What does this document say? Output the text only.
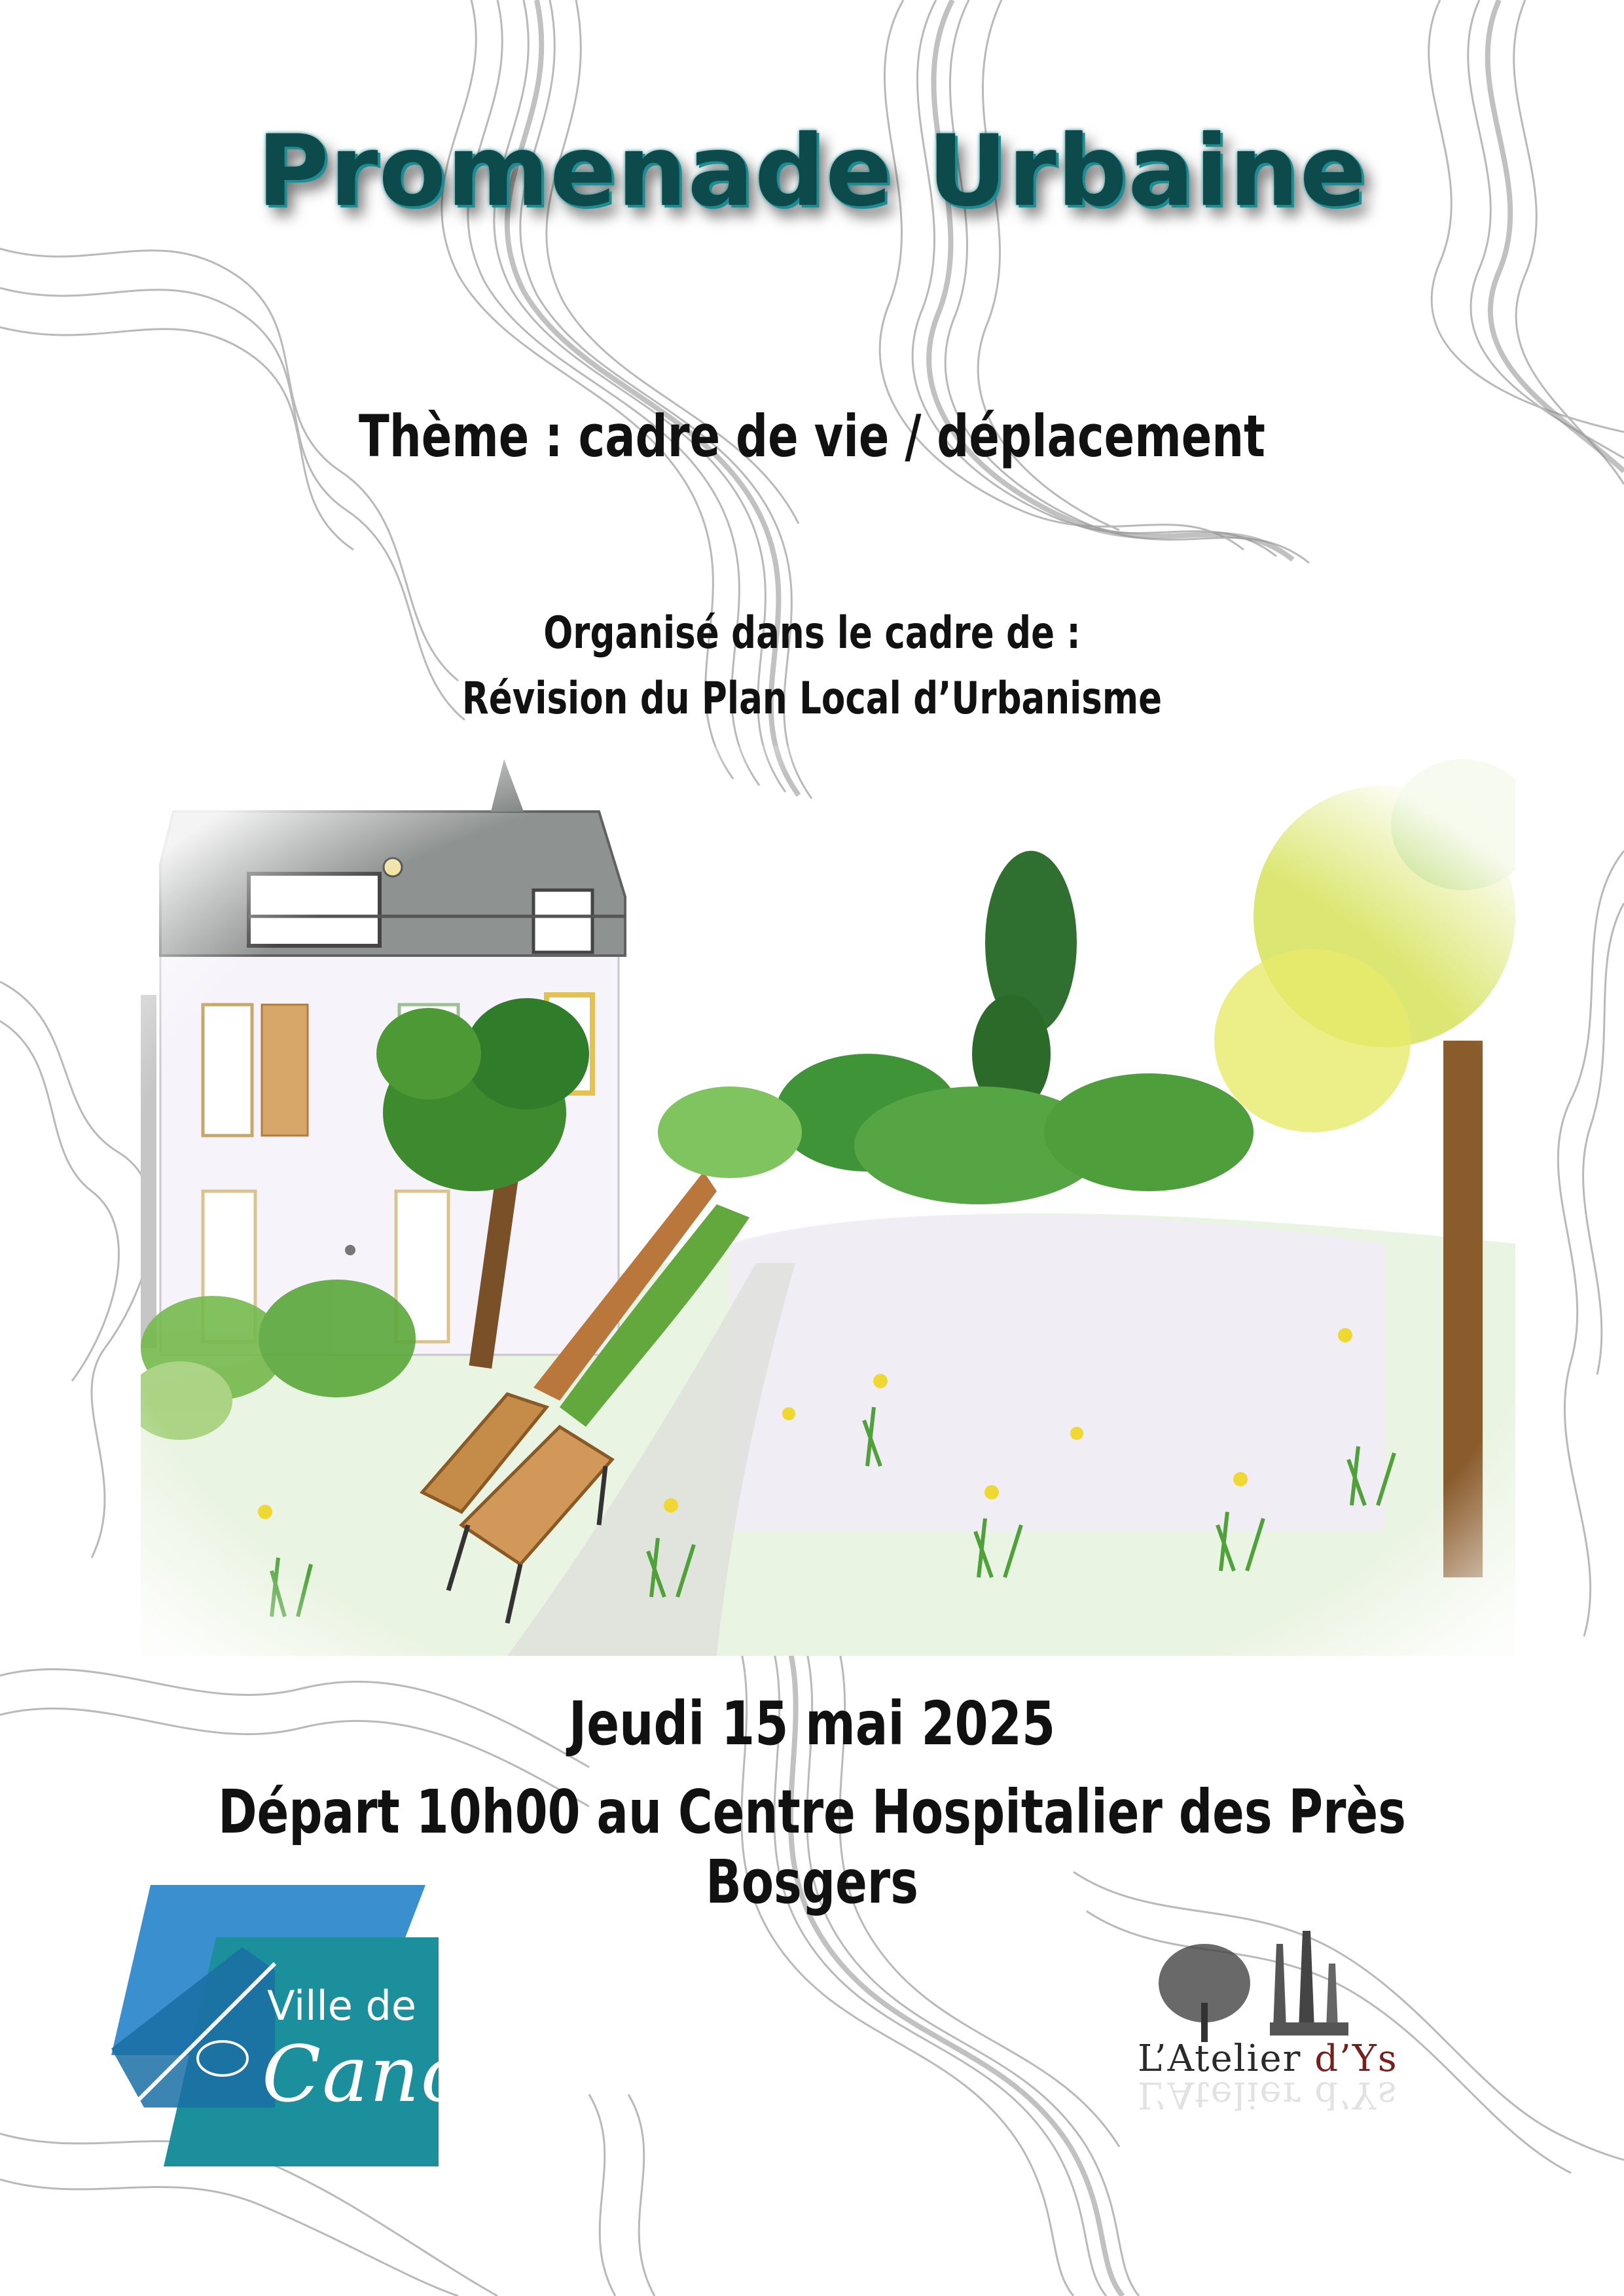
Promenade Urbaine
Thème : cadre de vie / déplacement
Organisé dans le cadre de :
Révision du Plan Local d’Urbanisme
Jeudi 15 mai 2025
Départ 10h00 au Centre Hospitalier des Près Bosgers
Ville de
Cancale	L’Atelier d’Ys
L’Atelier d’Ys
